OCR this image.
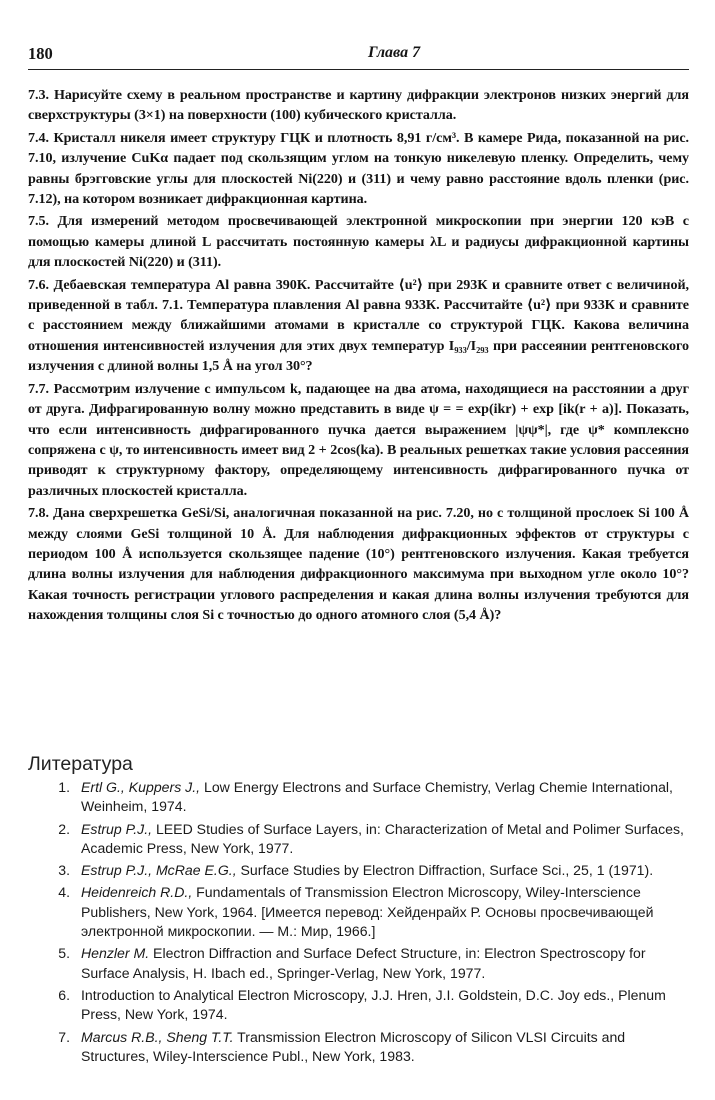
180	Глава 7

7.3. Нарисуйте схему в реальном пространстве и картину дифракции электронов низких энергий для сверхструктуры (3×1) на поверхности (100) кубического кристалла.

7.4. Кристалл никеля имеет структуру ГЦК и плотность 8,91 г/см³. В камере Рида, показанной на рис. 7.10, излучение CuKα падает под скользящим углом на тонкую никелевую пленку. Определить, чему равны брэгговские углы для плоскостей Ni(220) и (311) и чему равно расстояние вдоль пленки (рис. 7.12), на котором возникает дифракционная картина.

7.5. Для измерений методом просвечивающей электронной микроскопии при энергии 120 кэВ с помощью камеры длиной L рассчитать постоянную камеры λL и радиусы дифракционной картины для плоскостей Ni(220) и (311).

7.6. Дебаевская температура Al равна 390К. Рассчитайте ⟨u²⟩ при 293К и сравните ответ с величиной, приведенной в табл. 7.1. Температура плавления Al равна 933К. Рассчитайте ⟨u²⟩ при 933К и сравните с расстоянием между ближайшими атомами в кристалле со структурой ГЦК. Какова величина отношения интенсивностей излучения для этих двух температур I₉₃₃/I₂₉₃ при рассеянии рентгеновского излучения с длиной волны 1,5 Å на угол 30°?

7.7. Рассмотрим излучение с импульсом k, падающее на два атома, находящиеся на расстоянии a друг от друга. Дифрагированную волну можно представить в виде ψ = = exp(ikr) + exp [ik(r + a)]. Показать, что если интенсивность дифрагированного пучка дается выражением |ψψ*|, где ψ* комплексно сопряжена с ψ, то интенсивность имеет вид 2 + 2cos(ka). В реальных решетках такие условия рассеяния приводят к структурному фактору, определяющему интенсивность дифрагированного пучка от различных плоскостей кристалла.

7.8. Дана сверхрешетка GeSi/Si, аналогичная показанной на рис. 7.20, но с толщиной прослоек Si 100 Å между слоями GeSi толщиной 10 Å. Для наблюдения дифракционных эффектов от структуры с периодом 100 Å используется скользящее падение (10°) рентгеновского излучения. Какая требуется длина волны излучения для наблюдения дифракционного максимума при выходном угле около 10°? Какая точность регистрации углового распределения и какая длина волны излучения требуются для нахождения толщины слоя Si с точностью до одного атомного слоя (5,4 Å)?

Литература
1. Ertl G., Kuppers J., Low Energy Electrons and Surface Chemistry, Verlag Chemie International, Weinheim, 1974.
2. Estrup P.J., LEED Studies of Surface Layers, in: Characterization of Metal and Polimer Surfaces, Academic Press, New York, 1977.
3. Estrup P.J., McRae E.G., Surface Studies by Electron Diffraction, Surface Sci., 25, 1 (1971).
4. Heidenreich R.D., Fundamentals of Transmission Electron Microscopy, Wiley-Interscience Publishers, New York, 1964. [Имеется перевод: Хейденрайх Р. Основы просвечивающей электронной микроскопии. — М.: Мир, 1966.]
5. Henzler M. Electron Diffraction and Surface Defect Structure, in: Electron Spectroscopy for Surface Analysis, H. Ibach ed., Springer-Verlag, New York, 1977.
6. Introduction to Analytical Electron Microscopy, J.J. Hren, J.I. Goldstein, D.C. Joy eds., Plenum Press, New York, 1974.
7. Marcus R.B., Sheng T.T. Transmission Electron Microscopy of Silicon VLSI Circuits and Structures, Wiley-Interscience Publ., New York, 1983.
